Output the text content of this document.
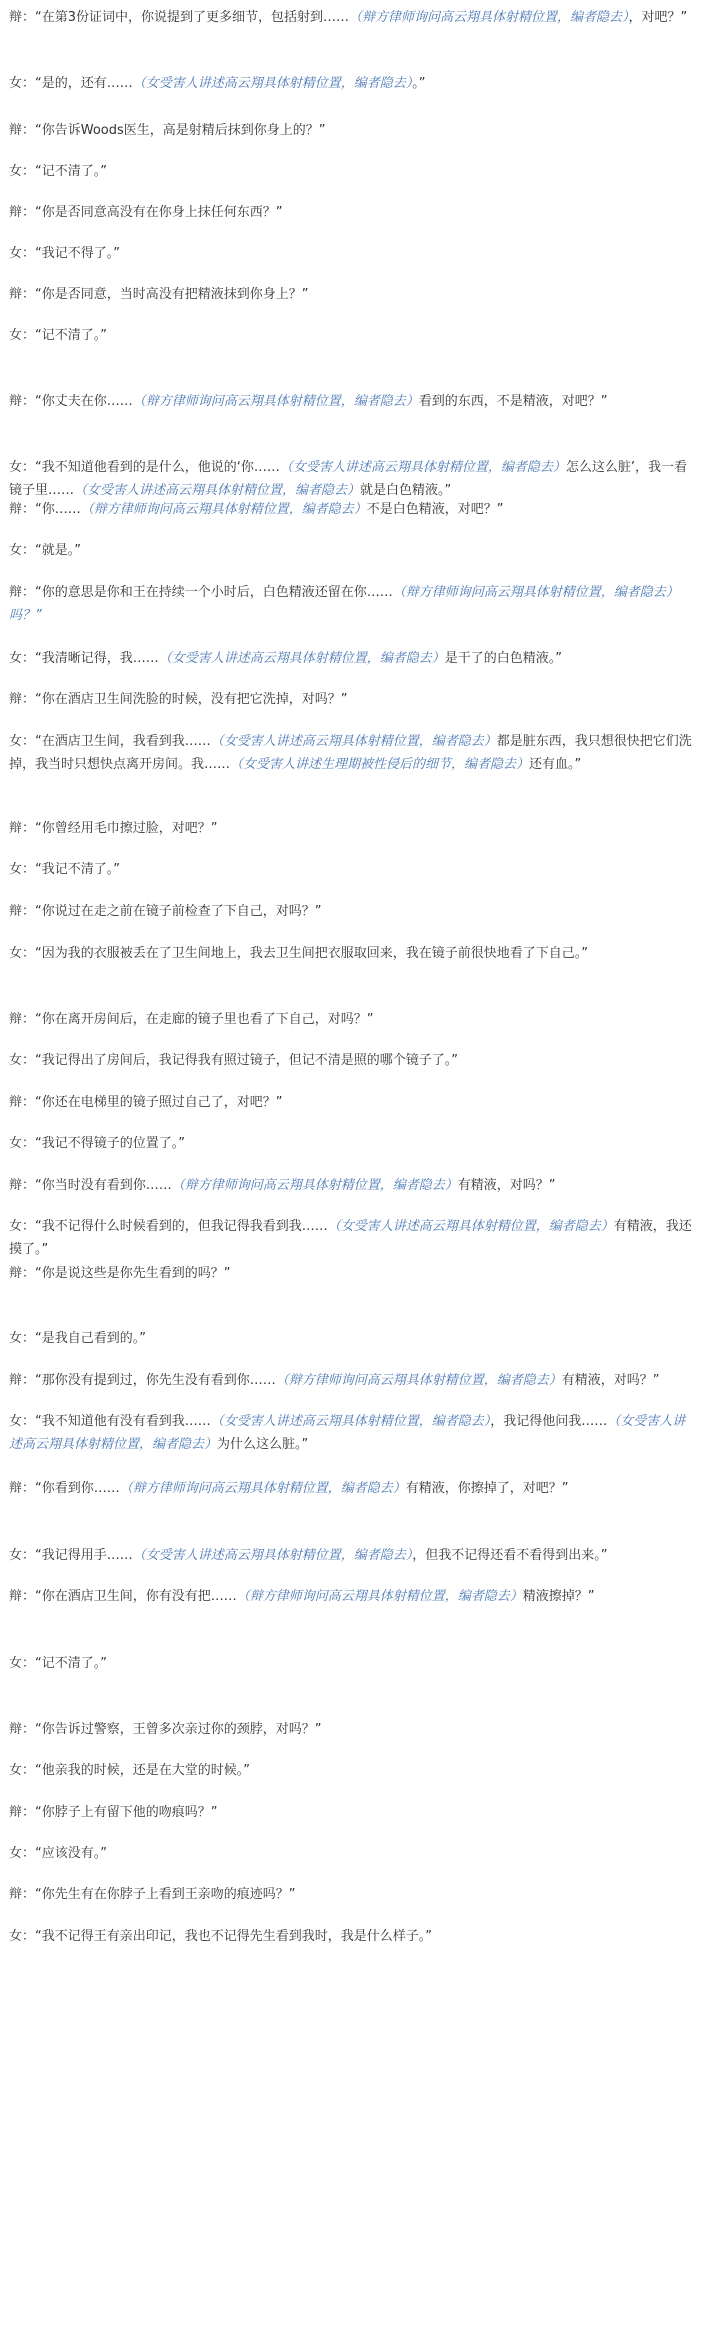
辩：“在第3份证词中，你说提到了更多细节，包括射到……（辩方律师询问高云翔具体射精位置，编者隐去），对吧？”
女：“是的，还有……（女受害人讲述高云翔具体射精位置，编者隐去）。”
辩：“你告诉Woods医生，高是射精后抹到你身上的？”
女：“记不清了。”
辩：“你是否同意高没有在你身上抹任何东西？”
女：“我记不得了。”
辩：“你是否同意，当时高没有把精液抹到你身上？”
女：“记不清了。”
辩：“你丈夫在你……（辩方律师询问高云翔具体射精位置，编者隐去）看到的东西，不是精液，对吧？”
女：“我不知道他看到的是什么，他说的‘你……（女受害人讲述高云翔具体射精位置，编者隐去）怎么这么脏’，我一看镜子里……（女受害人讲述高云翔具体射精位置，编者隐去）就是白色精液。”
辩：“你……（辩方律师询问高云翔具体射精位置，编者隐去）不是白色精液，对吧？”
女：“就是。”
辩：“你的意思是你和王在持续一个小时后，白色精液还留在你……（辩方律师询问高云翔具体射精位置，编者隐去）吗？”
女：“我清晰记得，我……（女受害人讲述高云翔具体射精位置，编者隐去）是干了的白色精液。”
辩：“你在酒店卫生间洗脸的时候，没有把它洗掉，对吗？”
女：“在酒店卫生间，我看到我……（女受害人讲述高云翔具体射精位置，编者隐去）都是脏东西，我只想很快把它们洗掉，我当时只想快点离开房间。我……（女受害人讲述生理期被性侵后的细节，编者隐去）还有血。”
辩：“你曾经用毛巾擦过脸，对吧？”
女：“我记不清了。”
辩：“你说过在走之前在镜子前检查了下自己，对吗？”
女：“因为我的衣服被丢在了卫生间地上，我去卫生间把衣服取回来，我在镜子前很快地看了下自己。”
辩：“你在离开房间后，在走廊的镜子里也看了下自己，对吗？”
女：“我记得出了房间后，我记得我有照过镜子，但记不清是照的哪个镜子了。”
辩：“你还在电梯里的镜子照过自己了，对吧？”
女：“我记不得镜子的位置了。”
辩：“你当时没有看到你……（辩方律师询问高云翔具体射精位置，编者隐去）有精液，对吗？”
女：“我不记得什么时候看到的，但我记得我看到我……（女受害人讲述高云翔具体射精位置，编者隐去）有精液，我还摸了。”
辩：“你是说这些是你先生看到的吗？”
女：“是我自己看到的。”
辩：“那你没有提到过，你先生没有看到你……（辩方律师询问高云翔具体射精位置，编者隐去）有精液，对吗？”
女：“我不知道他有没有看到我……（女受害人讲述高云翔具体射精位置，编者隐去），我记得他问我……（女受害人讲述高云翔具体射精位置，编者隐去）为什么这么脏。”
辩：“你看到你……（辩方律师询问高云翔具体射精位置，编者隐去）有精液，你擦掉了，对吧？”
女：“我记得用手……（女受害人讲述高云翔具体射精位置，编者隐去），但我不记得还看不看得到出来。”
辩：“你在酒店卫生间，你有没有把……（辩方律师询问高云翔具体射精位置，编者隐去）精液擦掉？”
女：“记不清了。”
辩：“你告诉过警察，王曾多次亲过你的颈脖，对吗？”
女：“他亲我的时候，还是在大堂的时候。”
辩：“你脖子上有留下他的吻痕吗？”
女：“应该没有。”
辩：“你先生有在你脖子上看到王亲吻的痕迹吗？”
女：“我不记得王有亲出印记，我也不记得先生看到我时，我是什么样子。”
